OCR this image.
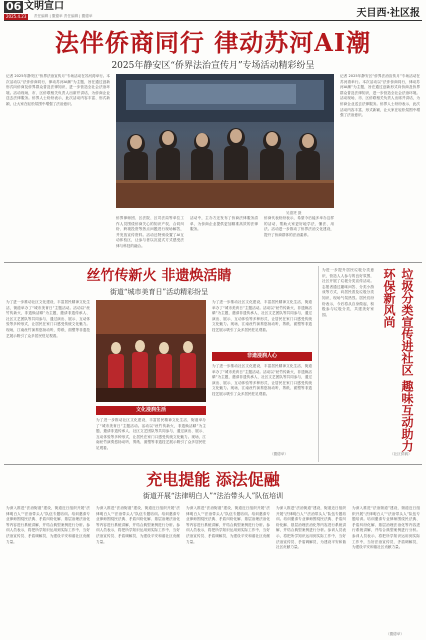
06 文明宣口
2025.4.23	责任编辑 | 撒德举 责任编辑 | 撒德举	天目西·社区报
法伴侨商同行 律动苏河AI潮
2025年静安区“侨界法治宣传月”专场活动精彩纷呈
记者 2025年静安区“侨界法治宣传月”专场活动在苏河湾举行。本次活动以“法伴侨商同行，律动苏河AI潮”为主题，旨在通过创新形式向侨商及侨界群众普及法律知识，进一步营造全社会法治环境。活动现场，市、区侨联相关负责人出席并讲话，为侨商企业送去法律服务。侨界人士纷纷表示，此次活动内容丰富、形式新颖，让大家在轻松氛围中增强了法治意识。
吴德贤 摄
侨界律师团、区法院、区司法局等单位工作人员围绕侨商关心的知识产权、合同纠纷、跨境投资等热点问题进行现场解答，并发放宣传资料。活动还特别设置了AI互动体验区，让参与者以沉浸式方式感受法律与科技的融合。
活动中，主办方还发布了侨商法律服务清单，为侨商企业提供更加精准高效的法律服务。
侨商代表纷纷表示，希望今后能多举办这样的活动，帮助大家更好地学法、懂法、用法。活动进一步推动了侨界法治文化建设，提升了侨商群体的法治素养。
记者 2025年静安区“侨界法治宣传月”专场活动在苏河湾举行。本次活动以“法伴侨商同行，律动苏河AI潮”为主题，旨在通过创新形式向侨商及侨界群众普及法律知识，进一步营造全社会法治环境。活动现场，市、区侨联相关负责人出席并讲话，为侨商企业送去法律服务。侨界人士纷纷表示，此次活动内容丰富、形式新颖，让大家在轻松氛围中增强了法治意识。
丝竹传新火 非遗焕活睛
街道“城市美育日”活动精彩纷呈
为了进一步推动社区文化建设，丰富居民精神文化生活，街道举办了“城市美育日”主题活动。活动以“丝竹传新火，非遗焕活睛”为主题，邀请非遗传承人、社区文艺团队等共同参与，通过演出、展示、互动体验等多种形式，让居民在家门口感受传统文化魅力。现场，江南丝竹演奏悠扬动听，剪纸、面塑等非遗技艺展示吸引了众多居民驻足观看。
文化浸润生活
为了进一步推动社区文化建设，丰富居民精神文化生活，街道举办了“城市美育日”主题活动。活动以“丝竹传新火，非遗焕活睛”为主题，邀请非遗传承人、社区文艺团队等共同参与，通过演出、展示、互动体验等多种形式，让居民在家门口感受传统文化魅力。现场，江南丝竹演奏悠扬动听，剪纸、面塑等非遗技艺展示吸引了众多居民驻足观看。
为了进一步推动社区文化建设，丰富居民精神文化生活，街道举办了“城市美育日”主题活动。活动以“丝竹传新火，非遗焕活睛”为主题，邀请非遗传承人、社区文艺团队等共同参与，通过演出、展示、互动体验等多种形式，让居民在家门口感受传统文化魅力。现场，江南丝竹演奏悠扬动听，剪纸、面塑等非遗技艺展示吸引了众多居民驻足观看。
非遗浸润人心
为了进一步推动社区文化建设，丰富居民精神文化生活，街道举办了“城市美育日”主题活动。活动以“丝竹传新火，非遗焕活睛”为主题，邀请非遗传承人、社区文艺团队等共同参与，通过演出、展示、互动体验等多种形式，让居民在家门口感受传统文化魅力。现场，江南丝竹演奏悠扬动听，剪纸、面塑等非遗技艺展示吸引了众多居民驻足观看。
（撒德举）
为进一步提升居民垃圾分类意识，营造人人参与的良好氛围，社区开展了垃圾分类宣传活动。志愿者通过趣味问答、分类小游戏等方式，向居民普及垃圾分类知识，现场气氛热烈。居民们纷纷表示，今后将从自身做起，积极参与垃圾分类，共建美好家园。	垃圾分类宣传进社区 趣味互动助力环保新风尚
（社区供稿）
充电提能 添法促融
街道开展“法律明白人”“法治带头人”队伍培训
为深入推进“法治街道”建设，街道近日组织开展“法律明白人”“法治带头人”队伍专题培训。培训邀请专业律师围绕民法典、矛盾纠纷化解、基层治理法治化等内容进行系统讲解，并结合典型案例进行分析。参训人员表示，将把所学知识运用到实际工作中，当好法治宣传员、矛盾调解员，为建设平安和谐社区贡献力量。
为深入推进“法治街道”建设，街道近日组织开展“法律明白人”“法治带头人”队伍专题培训。培训邀请专业律师围绕民法典、矛盾纠纷化解、基层治理法治化等内容进行系统讲解，并结合典型案例进行分析。参训人员表示，将把所学知识运用到实际工作中，当好法治宣传员、矛盾调解员，为建设平安和谐社区贡献力量。
为深入推进“法治街道”建设，街道近日组织开展“法律明白人”“法治带头人”队伍专题培训。培训邀请专业律师围绕民法典、矛盾纠纷化解、基层治理法治化等内容进行系统讲解，并结合典型案例进行分析。参训人员表示，将把所学知识运用到实际工作中，当好法治宣传员、矛盾调解员，为建设平安和谐社区贡献力量。
为深入推进“法治街道”建设，街道近日组织开展“法律明白人”“法治带头人”队伍专题培训。培训邀请专业律师围绕民法典、矛盾纠纷化解、基层治理法治化等内容进行系统讲解，并结合典型案例进行分析。参训人员表示，将把所学知识运用到实际工作中，当好法治宣传员、矛盾调解员，为建设平安和谐社区贡献力量。
为深入推进“法治街道”建设，街道近日组织开展“法律明白人”“法治带头人”队伍专题培训。培训邀请专业律师围绕民法典、矛盾纠纷化解、基层治理法治化等内容进行系统讲解，并结合典型案例进行分析。参训人员表示，将把所学知识运用到实际工作中，当好法治宣传员、矛盾调解员，为建设平安和谐社区贡献力量。
（撒德举）
